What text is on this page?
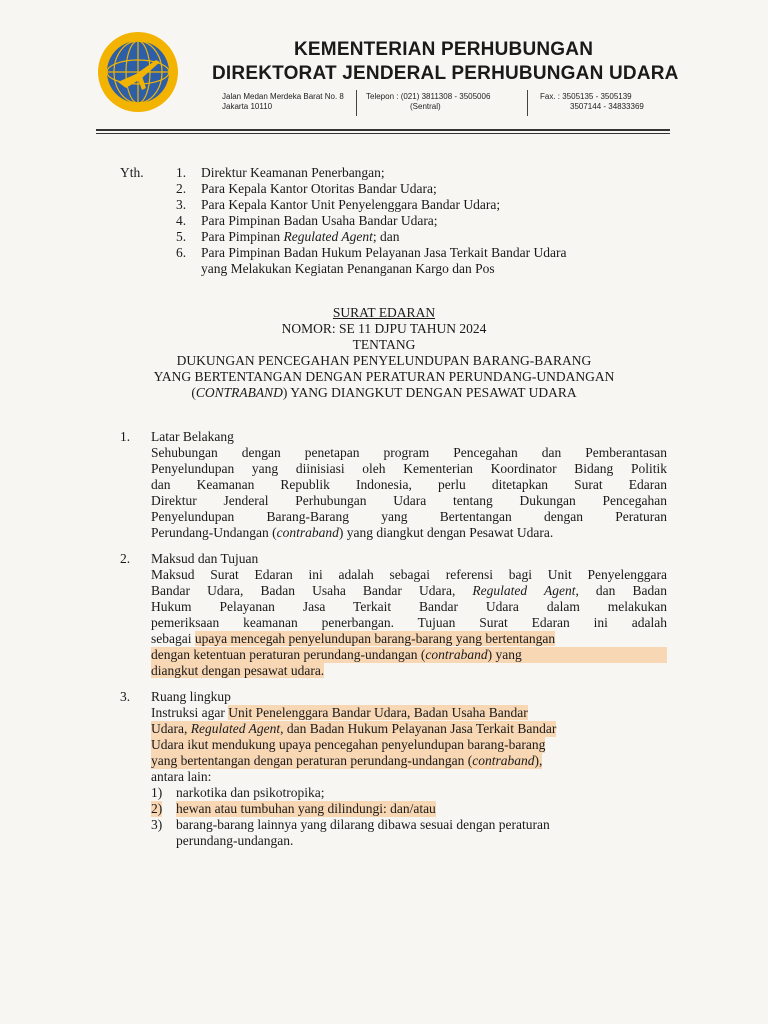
KEMENTERIAN PERHUBUNGAN
DIREKTORAT JENDERAL PERHUBUNGAN UDARA
Jalan Medan Merdeka Barat No. 8
Jakarta 10110
Telepon : (021) 3811308 - 3505006
(Sentral)
Fax. : 3505135 - 3505139
3507144 - 34833369
Yth. 1. Direktur Keamanan Penerbangan;
2. Para Kepala Kantor Otoritas Bandar Udara;
3. Para Kepala Kantor Unit Penyelenggara Bandar Udara;
4. Para Pimpinan Badan Usaha Bandar Udara;
5. Para Pimpinan Regulated Agent; dan
6. Para Pimpinan Badan Hukum Pelayanan Jasa Terkait Bandar Udara
yang Melakukan Kegiatan Penanganan Kargo dan Pos
SURAT EDARAN
NOMOR: SE 11 DJPU TAHUN 2024
TENTANG
DUKUNGAN PENCEGAHAN PENYELUNDUPAN BARANG-BARANG
YANG BERTENTANGAN DENGAN PERATURAN PERUNDANG-UNDANGAN
(CONTRABAND) YANG DIANGKUT DENGAN PESAWAT UDARA
1. Latar Belakang
Sehubungan dengan penetapan program Pencegahan dan Pemberantasan
Penyelundupan yang diinisiasi oleh Kementerian Koordinator Bidang Politik
dan Keamanan Republik Indonesia, perlu ditetapkan Surat Edaran
Direktur Jenderal Perhubungan Udara tentang Dukungan Pencegahan
Penyelundupan Barang-Barang yang Bertentangan dengan Peraturan
Perundang-Undangan (contraband) yang diangkut dengan Pesawat Udara.
2. Maksud dan Tujuan
Maksud Surat Edaran ini adalah sebagai referensi bagi Unit Penyelenggara
Bandar Udara, Badan Usaha Bandar Udara, Regulated Agent, dan Badan
Hukum Pelayanan Jasa Terkait Bandar Udara dalam melakukan
pemeriksaan keamanan penerbangan. Tujuan Surat Edaran ini adalah
sebagai upaya mencegah penyelundupan barang-barang yang bertentangan
dengan ketentuan peraturan perundang-undangan (contraband) yang
diangkut dengan pesawat udara.
3. Ruang lingkup
Instruksi agar Unit Penelenggara Bandar Udara, Badan Usaha Bandar
Udara, Regulated Agent, dan Badan Hukum Pelayanan Jasa Terkait Bandar
Udara ikut mendukung upaya pencegahan penyelundupan barang-barang
yang bertentangan dengan peraturan perundang-undangan (contraband),
antara lain:
1) narkotika dan psikotropika;
2) hewan atau tumbuhan yang dilindungi: dan/atau
3) barang-barang lainnya yang dilarang dibawa sesuai dengan peraturan
perundang-undangan.
